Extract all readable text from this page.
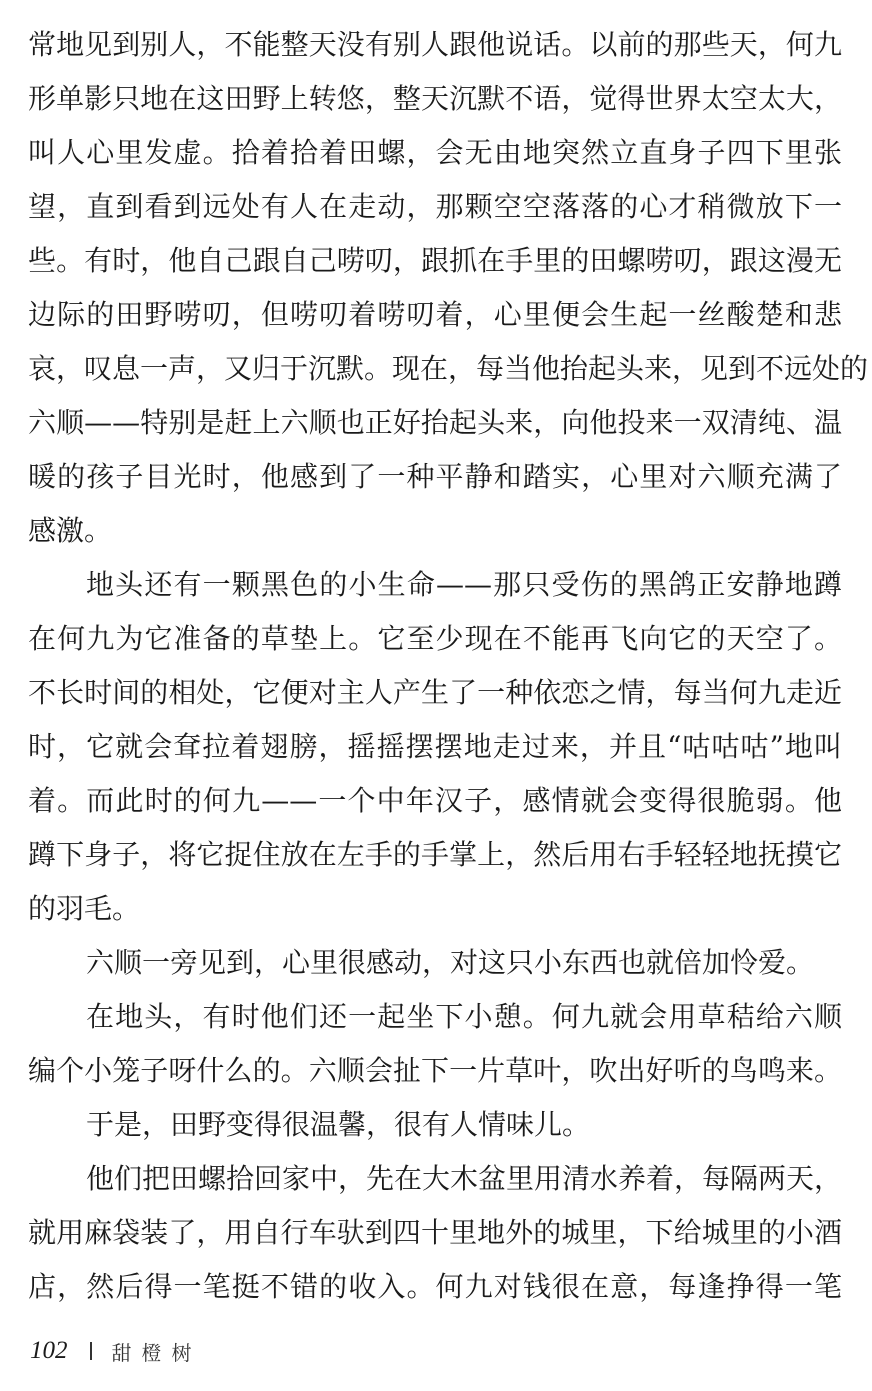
常地见到别人，不能整天没有别人跟他说话。以前的那些天，何九
形单影只地在这田野上转悠，整天沉默不语，觉得世界太空太大，
叫人心里发虚。拾着拾着田螺，会无由地突然立直身子四下里张
望，直到看到远处有人在走动，那颗空空落落的心才稍微放下一
些。有时，他自己跟自己唠叨，跟抓在手里的田螺唠叨，跟这漫无
边际的田野唠叨，但唠叨着唠叨着，心里便会生起一丝酸楚和悲
哀，叹息一声，又归于沉默。现在，每当他抬起头来，见到不远处的
六顺——特别是赶上六顺也正好抬起头来，向他投来一双清纯、温
暖的孩子目光时，他感到了一种平静和踏实，心里对六顺充满了
感激。
地头还有一颗黑色的小生命——那只受伤的黑鸽正安静地蹲
在何九为它准备的草垫上。它至少现在不能再飞向它的天空了。
不长时间的相处，它便对主人产生了一种依恋之情，每当何九走近
时，它就会耷拉着翅膀，摇摇摆摆地走过来，并且“咕咕咕”地叫
着。而此时的何九——一个中年汉子，感情就会变得很脆弱。他
蹲下身子，将它捉住放在左手的手掌上，然后用右手轻轻地抚摸它
的羽毛。
六顺一旁见到，心里很感动，对这只小东西也就倍加怜爱。
在地头，有时他们还一起坐下小憩。何九就会用草秸给六顺
编个小笼子呀什么的。六顺会扯下一片草叶，吹出好听的鸟鸣来。
于是，田野变得很温馨，很有人情味儿。
他们把田螺拾回家中，先在大木盆里用清水养着，每隔两天，
就用麻袋装了，用自行车驮到四十里地外的城里，下给城里的小酒
店，然后得一笔挺不错的收入。何九对钱很在意，每逢挣得一笔
102 甜橙树
